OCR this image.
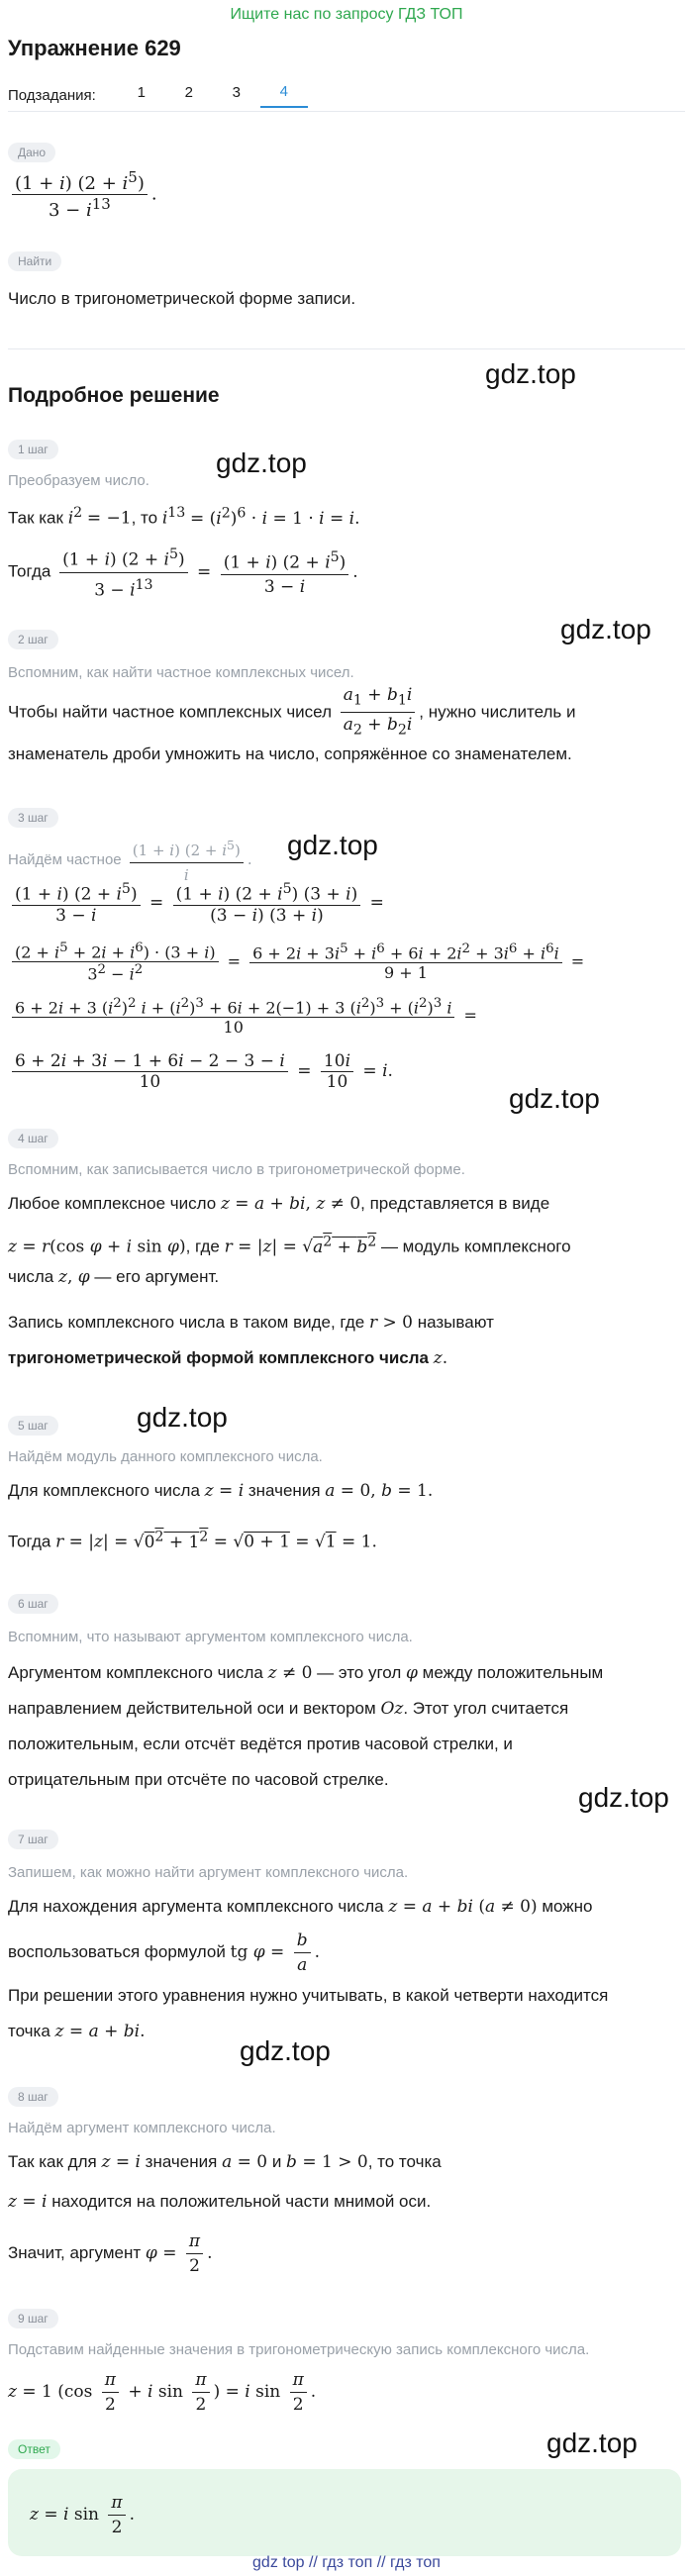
Ищите нас по запросу ГДЗ ТОП
Упражнение 629
Подзадания:	1	2	3	4
Дано
$\frac{(1 + i) (2 + i^5)}{3 - i^{13}}$ .
Найти
Число в тригонометрической форме записи.
Подробное решение
gdz.top
gdz.top
gdz.top
gdz.top
gdz.top
gdz.top
gdz.top
gdz.top
gdz.top
1 шаг
Преобразуем число.
Так как $i^2 = -1$, то $i^{13} = (i^2)^6 \cdot i = 1 \cdot i = i$.
Тогда $\frac{(1 + i) (2 + i^5)}{3 - i^{13}} = \frac{(1 + i) (2 + i^5)}{3 - i}$ .
2 шаг
Вспомним, как найти частное комплексных чисел.
Чтобы найти частное комплексных чисел $\frac{a_1 + b_1i}{a_2 + b_2i}$ , нужно числитель и
знаменатель дроби умножить на число, сопряжённое со знаменателем.
3 шаг
Найдём частное $\frac{(1 + i) (2 + i^5)}{i}$ .
$\frac{(1 + i) (2 + i^5)}{3 - i} = \frac{(1 + i) (2 + i^5) (3 + i)}{(3 - i) (3 + i)}$ =
$\frac{(2 + i^5 + 2i + i^6) \cdot (3 + i)}{3^2 - i^2} = \frac{6 + 2i + 3i^5 + i^6 + 6i + 2i^2 + 3i^6 + i^6i}{9 + 1}$ =
$\frac{6 + 2i + 3 (i^2)^2 i + (i^2)^3 + 6i + 2(-1) + 3 (i^2)^3 + (i^2)^3 i}{10}$ =
$\frac{6 + 2i + 3i - 1 + 6i - 2 - 3 - i}{10} = \frac{10i}{10} = i$.
4 шаг
Вспомним, как записывается число в тригонометрической форме.
Любое комплексное число z = a + bi, z ≠ 0, представляется в виде
z = r(cos φ + i sin φ), где $r = |z| = √a^2 + b^2$ — модуль комплексного
числа z, φ — его аргумент.
Запись комплексного числа в таком виде, где r > 0 называют
тригонометрической формой комплексного числа z.
5 шаг
Найдём модуль данного комплексного числа.
Для комплексного числа z = i значения a = 0, b = 1.
Тогда $r = |z| = √0^2 + 1^2 = √0 + 1 = √1 = 1$.
6 шаг
Вспомним, что называют аргументом комплексного числа.
Аргументом комплексного числа z ≠ 0 — это угол φ между положительным
направлением действительной оси и вектором Oz. Этот угол считается
положительным, если отсчёт ведётся против часовой стрелки, и
отрицательным при отсчёте по часовой стрелке.
7 шаг
Запишем, как можно найти аргумент комплексного числа.
Для нахождения аргумента комплексного числа z = a + bi (a ≠ 0) можно
воспользоваться формулой tg $\varphi = \frac{b}{a}$ .
При решении этого уравнения нужно учитывать, в какой четверти находится
точка z = a + bi.
8 шаг
Найдём аргумент комплексного числа.
Так как для z = i значения a = 0 и b = 1 > 0, то точка
z = i находится на положительной части мнимой оси.
Значит, аргумент $\varphi = \frac{\pi}{2}$ .
9 шаг
Подставим найденные значения в тригонометрическую запись комплексного числа.
z = 1 ($\cos \frac{\pi}{2} + i$ $\sin \frac{\pi}{2}$ ) = i $\sin \frac{\pi}{2}$ .
Ответ
z = i $\sin \frac{\pi}{2}$ .
gdz top // гдз топ // гдз топ
